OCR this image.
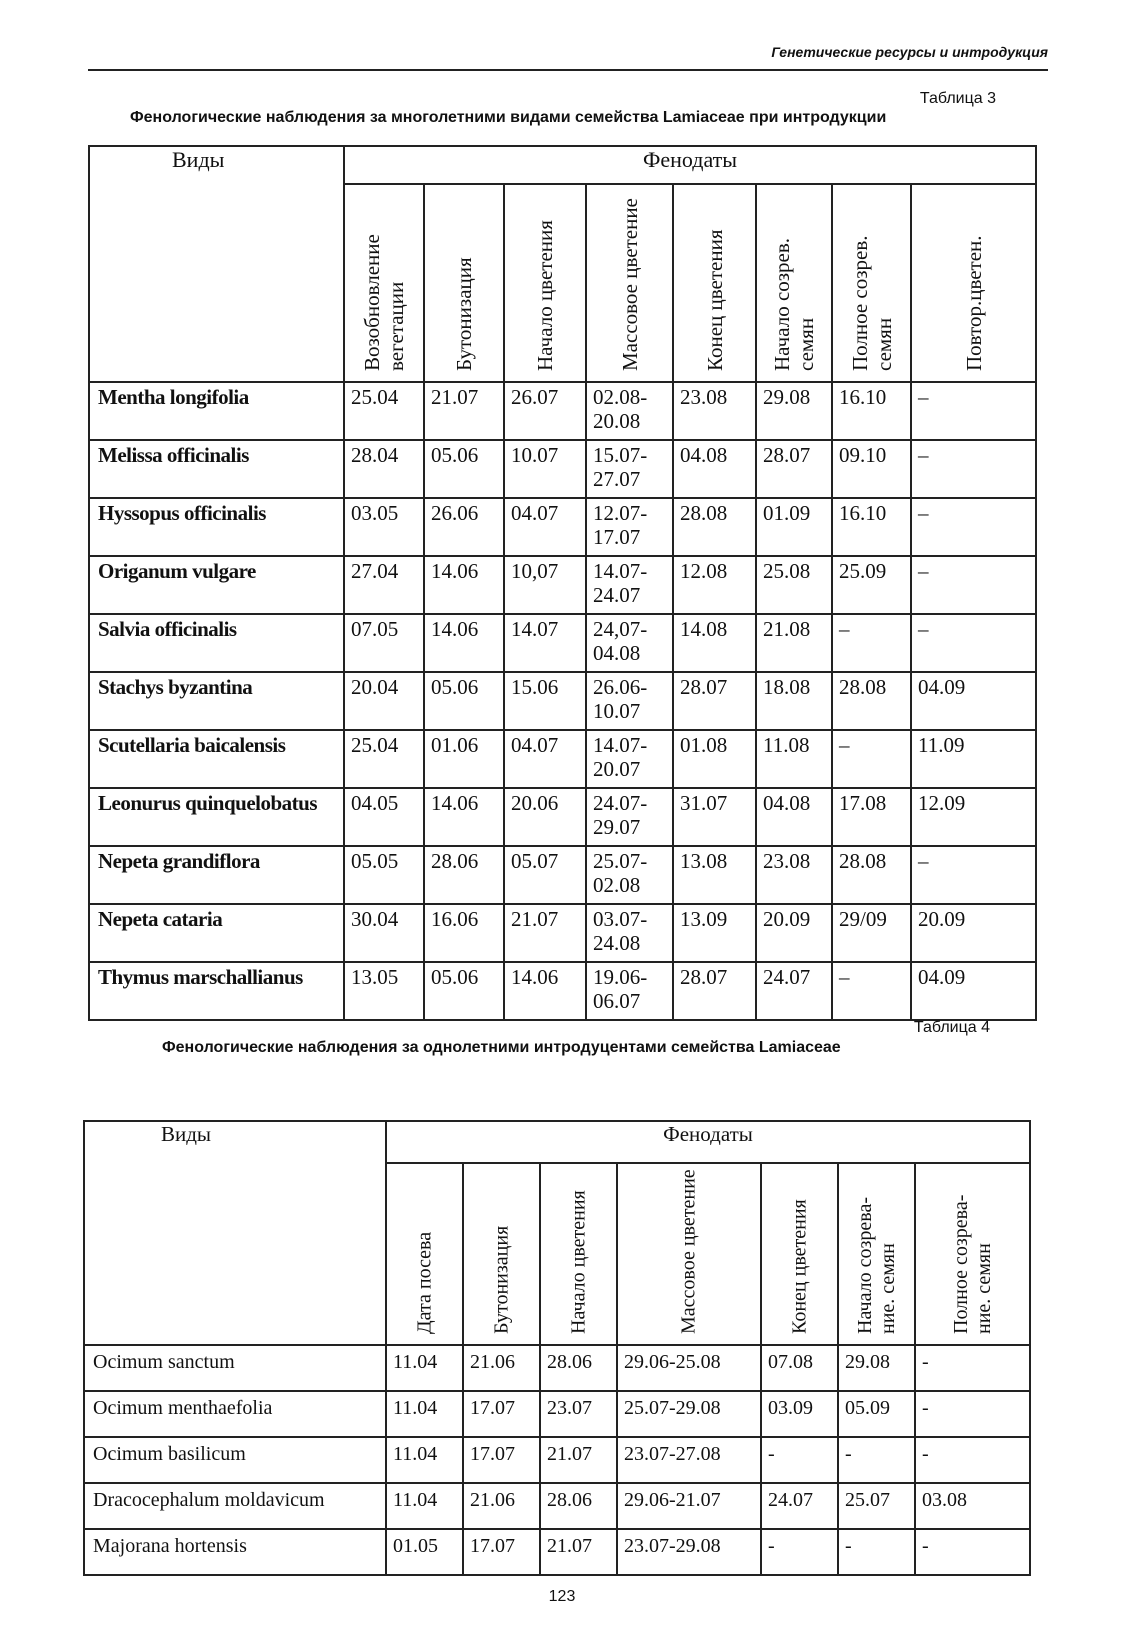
Генетические ресурсы и интродукция
Таблица 3
Фенологические наблюдения за многолетними видами семейства Lamiaceae при интродукции
Виды	Фенодаты							

	Возобновление вегетации	Бутонизация	Начало цветения	Массовое цветение	Конец цветения	Начало созрев. семян	Полное созрев. семян	Повтор.цветен.

Mentha longifolia	25.04	21.07	26.07	02.08-20.08	23.08	29.08	16.10	–
Melissa officinalis	28.04	05.06	10.07	15.07-27.07	04.08	28.07	09.10	–
Hyssopus officinalis	03.05	26.06	04.07	12.07-17.07	28.08	01.09	16.10	–
Origanum vulgare	27.04	14.06	10,07	14.07-24.07	12.08	25.08	25.09	–
Salvia officinalis	07.05	14.06	14.07	24,07-04.08	14.08	21.08	–	–
Stachys byzantina	20.04	05.06	15.06	26.06-10.07	28.07	18.08	28.08	04.09
Scutellaria baicalensis	25.04	01.06	04.07	14.07-20.07	01.08	11.08	–	11.09
Leonurus quinquelobatus	04.05	14.06	20.06	24.07-29.07	31.07	04.08	17.08	12.09
Nepeta grandiflora	05.05	28.06	05.07	25.07-02.08	13.08	23.08	28.08	–
Nepeta cataria	30.04	16.06	21.07	03.07-24.08	13.09	20.09	29/09	20.09
Thymus marschallianus	13.05	05.06	14.06	19.06-06.07	28.07	24.07	–	04.09
Таблица 4
Фенологические наблюдения за однолетними интродуцентами семейства Lamiaceae
Виды	Фенодаты						

	Дата посева	Бутонизация	Начало цветения	Массовое цветение	Конец цветения	Начало созрева-ние. семян	Полное созрева-ние. семян

Ocimum sanctum	11.04	21.06	28.06	29.06-25.08	07.08	29.08	-
Ocimum menthaefolia	11.04	17.07	23.07	25.07-29.08	03.09	05.09	-
Ocimum basilicum	11.04	17.07	21.07	23.07-27.08	-	-	-
Dracocephalum moldavicum	11.04	21.06	28.06	29.06-21.07	24.07	25.07	03.08
Majorana hortensis	01.05	17.07	21.07	23.07-29.08	-	-	-
123
